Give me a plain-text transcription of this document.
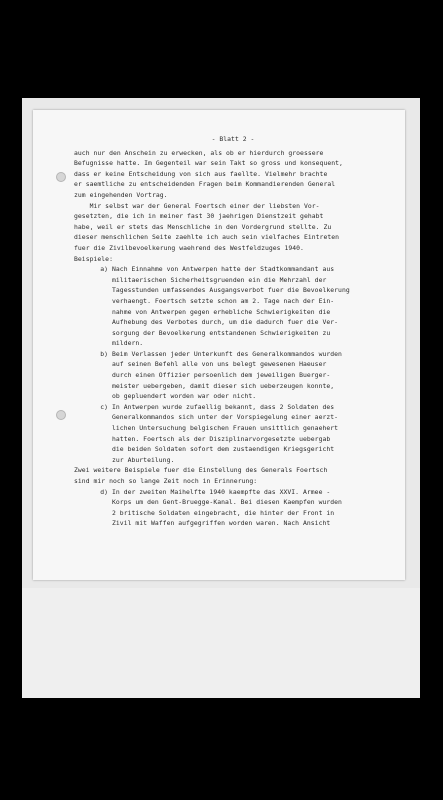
- Blatt 2 -
auch nur den Anschein zu erwecken, als ob er hierdurch groessere
Befugnisse hatte. Im Gegenteil war sein Takt so gross und konsequent,
dass er keine Entscheidung von sich aus faellte. Vielmehr brachte
er saemtliche zu entscheidenden Fragen beim Kommandierenden General
zum eingehenden Vortrag.
Mir selbst war der General Foertsch einer der liebsten Vor-
gesetzten, die ich in meiner fast 30 jaehrigen Dienstzeit gehabt
habe, weil er stets das Menschliche in den Vordergrund stellte. Zu
dieser menschlichen Seite zaehlte ich auch sein vielfaches Eintreten
fuer die Zivilbevoelkerung waehrend des Westfeldzuges 1940.
Beispiele:
a) Nach Einnahme von Antwerpen hatte der Stadtkommandant aus
militaerischen Sicherheitsgruenden ein die Mehrzahl der
Tagesstunden umfassendes Ausgangsverbot fuer die Bevoelkerung
verhaengt. Foertsch setzte schon am 2. Tage nach der Ein-
nahme von Antwerpen gegen erhebliche Schwierigkeiten die
Aufhebung des Verbotes durch, um die dadurch fuer die Ver-
sorgung der Bevoelkerung entstandenen Schwierigkeiten zu
mildern.
b) Beim Verlassen jeder Unterkunft des Generalkommandos wurden
auf seinen Befehl alle von uns belegt gewesenen Haeuser
durch einen Offizier persoenlich dem jeweiligen Buerger-
meister uebergeben, damit dieser sich ueberzeugen konnte,
ob gepluendert worden war oder nicht.
c) In Antwerpen wurde zufaellig bekannt, dass 2 Soldaten des
Generalkommandos sich unter der Vorspiegelung einer aerzt-
lichen Untersuchung belgischen Frauen unsittlich genaehert
hatten. Foertsch als der Disziplinarvorgesetzte uebergab
die beiden Soldaten sofort dem zustaendigen Kriegsgericht
zur Aburteilung.
Zwei weitere Beispiele fuer die Einstellung des Generals Foertsch
sind mir noch so lange Zeit noch in Erinnerung:
d) In der zweiten Maihelfte 1940 kaempfte das XXVI. Armee -
Korps um den Gent-Bruegge-Kanal. Bei diesen Kaempfen wurden
2 britische Soldaten eingebracht, die hinter der Front in
Zivil mit Waffen aufgegriffen worden waren. Nach Ansicht
